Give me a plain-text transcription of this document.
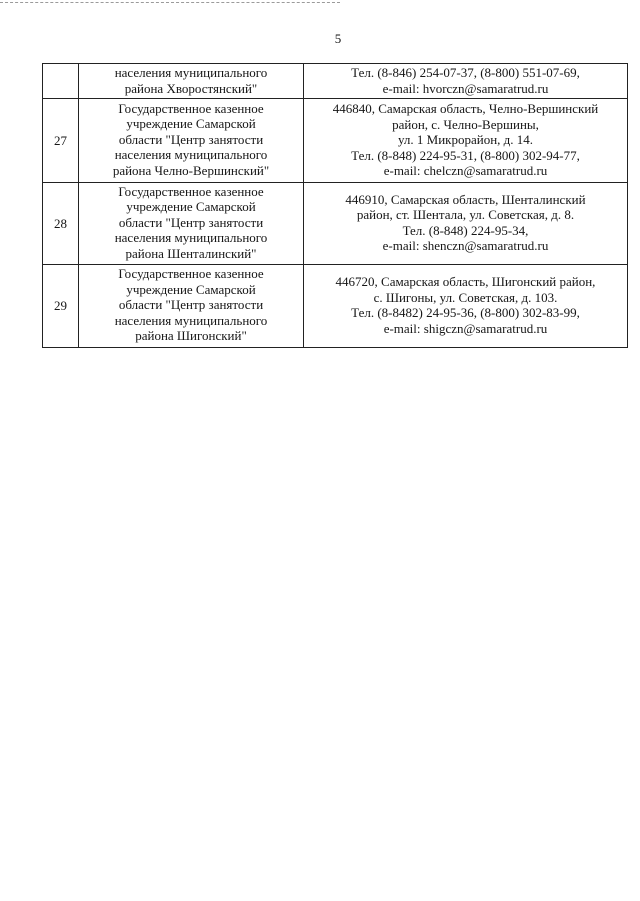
5

	населения муниципального
района Хворостянский"	Тел. (8-846) 254-07-37, (8-800) 551-07-69,
e-mail: hvorczn@samaratrud.ru

27	Государственное казенное
учреждение Самарской
области "Центр занятости
населения муниципального
района Челно-Вершинский"	446840, Самарская область, Челно-Вершинский
район, с. Челно-Вершины,
ул. 1 Микрорайон, д. 14.
Тел. (8-848) 224-95-31, (8-800) 302-94-77,
e-mail: chelczn@samaratrud.ru

28	Государственное казенное
учреждение Самарской
области "Центр занятости
населения муниципального
района Шенталинский"	446910, Самарская область, Шенталинский
район, ст. Шентала, ул. Советская, д. 8.
Тел. (8-848) 224-95-34,
e-mail: shenczn@samaratrud.ru

29	Государственное казенное
учреждение Самарской
области "Центр занятости
населения муниципального
района Шигонский"	446720, Самарская область, Шигонский район,
с. Шигоны, ул. Советская, д. 103.
Тел. (8-8482) 24-95-36, (8-800) 302-83-99,
e-mail: shigczn@samaratrud.ru
